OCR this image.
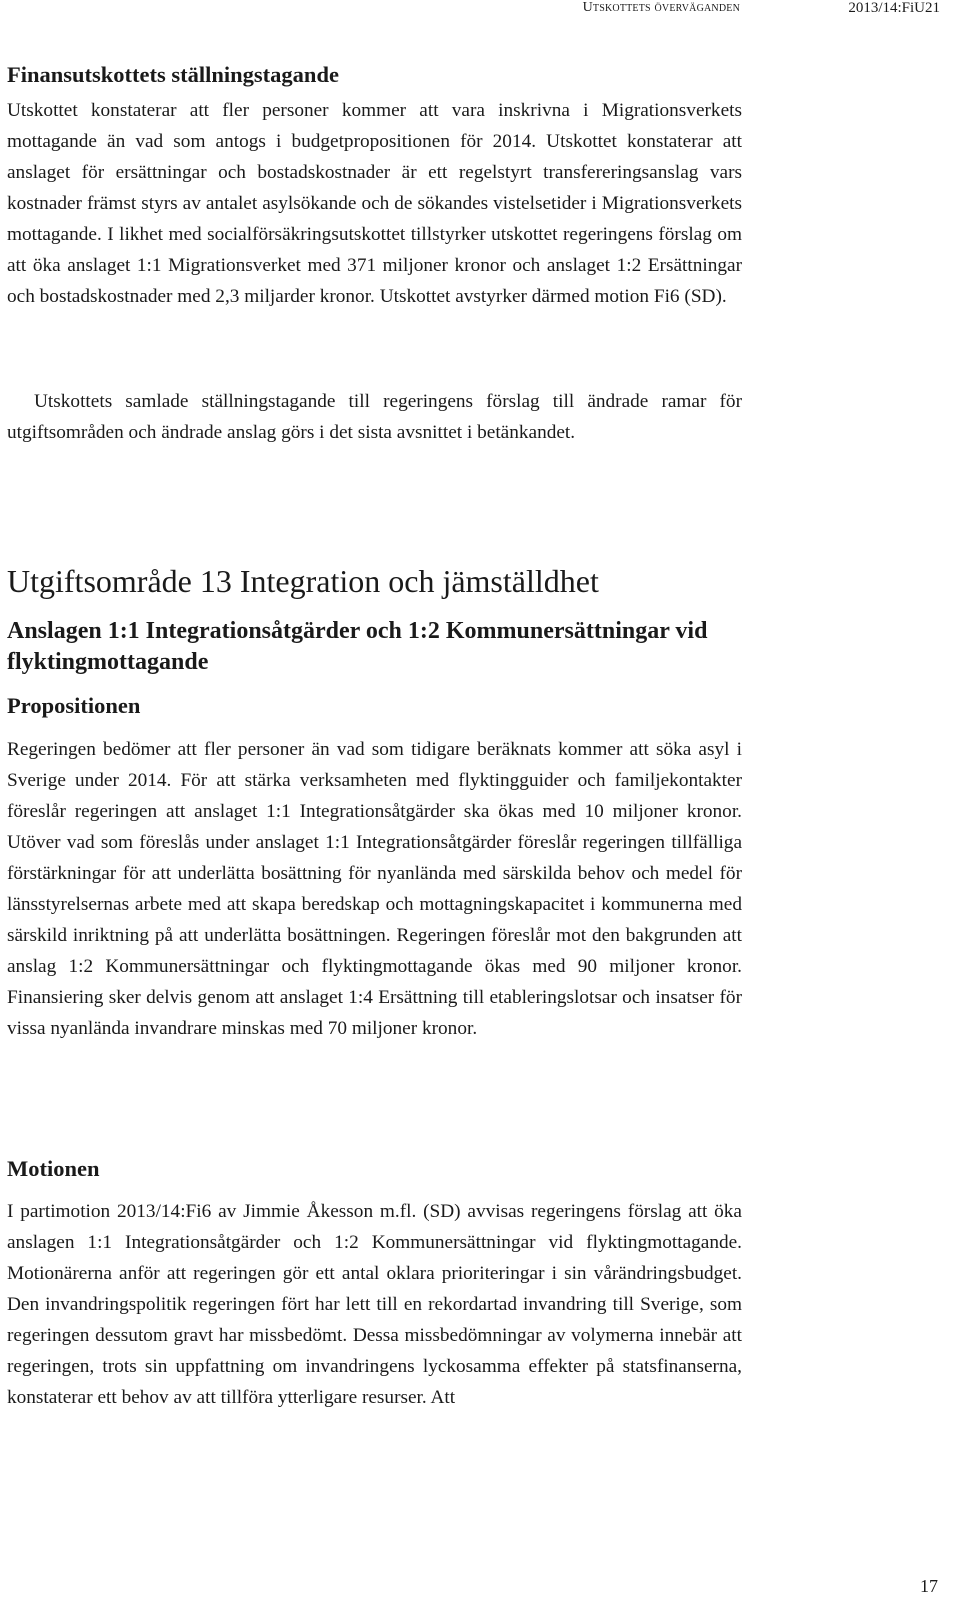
Utskottets överväganden	2013/14:FiU21
Finansutskottets ställningstagande

Utskottet konstaterar att fler personer kommer att vara inskrivna i Migrationsverkets mottagande än vad som antogs i budgetpropositionen för 2014. Utskottet konstaterar att anslaget för ersättningar och bostadskostnader är ett regelstyrt transfereringsanslag vars kostnader främst styrs av antalet asylsökande och de sökandes vistelsetider i Migrationsverkets mottagande. I likhet med socialförsäkringsutskottet tillstyrker utskottet regeringens förslag om att öka anslaget 1:1 Migrationsverket med 371 miljoner kronor och anslaget 1:2 Ersättningar och bostadskostnader med 2,3 miljarder kronor. Utskottet avstyrker därmed motion Fi6 (SD).

Utskottets samlade ställningstagande till regeringens förslag till ändrade ramar för utgiftsområden och ändrade anslag görs i det sista avsnittet i betänkandet.

Utgiftsområde 13 Integration och jämställdhet
Anslagen 1:1 Integrationsåtgärder och 1:2 Kommunersättningar vid flyktingmottagande
Propositionen

Regeringen bedömer att fler personer än vad som tidigare beräknats kommer att söka asyl i Sverige under 2014. För att stärka verksamheten med flyktingguider och familjekontakter föreslår regeringen att anslaget 1:1 Integrationsåtgärder ska ökas med 10 miljoner kronor. Utöver vad som föreslås under anslaget 1:1 Integrationsåtgärder föreslår regeringen tillfälliga förstärkningar för att underlätta bosättning för nyanlända med särskilda behov och medel för länsstyrelsernas arbete med att skapa beredskap och mottagningskapacitet i kommunerna med särskild inriktning på att underlätta bosättningen. Regeringen föreslår mot den bakgrunden att anslag 1:2 Kommunersättningar och flyktingmottagande ökas med 90 miljoner kronor. Finansiering sker delvis genom att anslaget 1:4 Ersättning till etableringslotsar och insatser för vissa nyanlända invandrare minskas med 70 miljoner kronor.

Motionen

I partimotion 2013/14:Fi6 av Jimmie Åkesson m.fl. (SD) avvisas regeringens förslag att öka anslagen 1:1 Integrationsåtgärder och 1:2 Kommunersättningar vid flyktingmottagande. Motionärerna anför att regeringen gör ett antal oklara prioriteringar i sin vårändringsbudget. Den invandringspolitik regeringen fört har lett till en rekordartad invandring till Sverige, som regeringen dessutom gravt har missbedömt. Dessa missbedömningar av volymerna innebär att regeringen, trots sin uppfattning om invandringens lyckosamma effekter på statsfinanserna, konstaterar ett behov av att tillföra ytterligare resurser. Att

17
